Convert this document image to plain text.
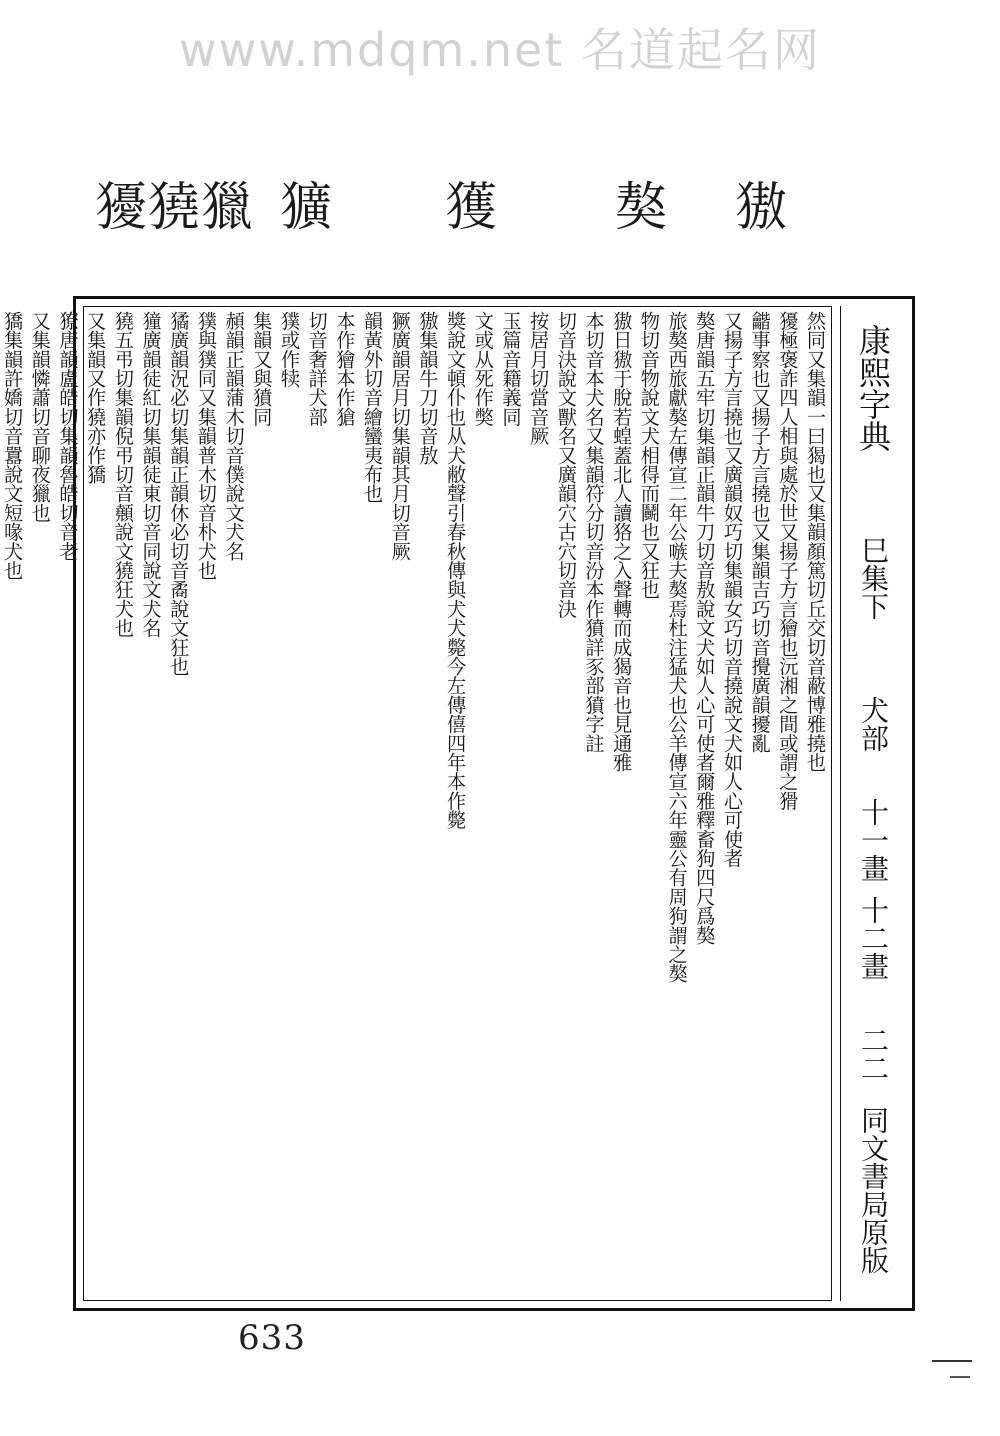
www.mdqm.net 名道起名网
獶獟獵 獷 獲 獒 獓
康熙字典
巳集下
犬部
十一畫
十二畫
二二
同文書局原版
然同又集韻一曰猲也又集韻顏篤切丘交切音蔽博雅撓也
獶極褒詐四人相與處於世又揚子方言獪也沅湘之間或謂之猾
龤事察也又揚子方言撓也又集韻吉巧切音攪廣韻擾亂
又揚子方言撓也又廣韻奴巧切集韻女巧切音撓說文犬如人心可使者
獒唐韻五牢切集韻正韻牛刀切音敖說文犬如人心可使者爾雅釋畜狗四尺爲獒
旅獒西旅獻獒左傳宣二年公嗾夫獒焉杜注猛犬也公羊傳宣六年靈公有周狗謂之獒
物切音物說文犬相得而鬭也又狂也
獓日獓于脫若蝗蓋北人讀狢之入聲轉而成猲音也見通雅
本切音本犬名又集韻符分切音汾本作獖詳豕部獖字註
切音決說文獸名又廣韻穴古穴切音決
按居月切當音厥
玉篇音籍義同
文或从死作獘
獎說文頓仆也从犬敝聲引春秋傳與犬犬斃今左傳僖四年本作斃
獓集韻牛刀切音敖
獗廣韻居月切集韻其月切音厥
韻黃外切音繪蠻夷布也
本作獪本作獊
切音奢詳犬部
獛或作犊
集韻又與獖同
頳韻正韻蒲木切音僕說文犬名
獛與獛同又集韻普木切音朴犬也
獝廣韻況必切集韻正韻休必切音矞說文狂也
獞廣韻徒紅切集韻徒東切音同說文犬名
獟五弔切集韻倪弔切音顤說文獟狂犬也
又集韻又作獟亦作獢
獠唐韻盧皓切集韻魯皓切音老
又集韻憐蕭切音聊夜獵也
獢集韻許嬌切音囂說文短喙犬也
633
